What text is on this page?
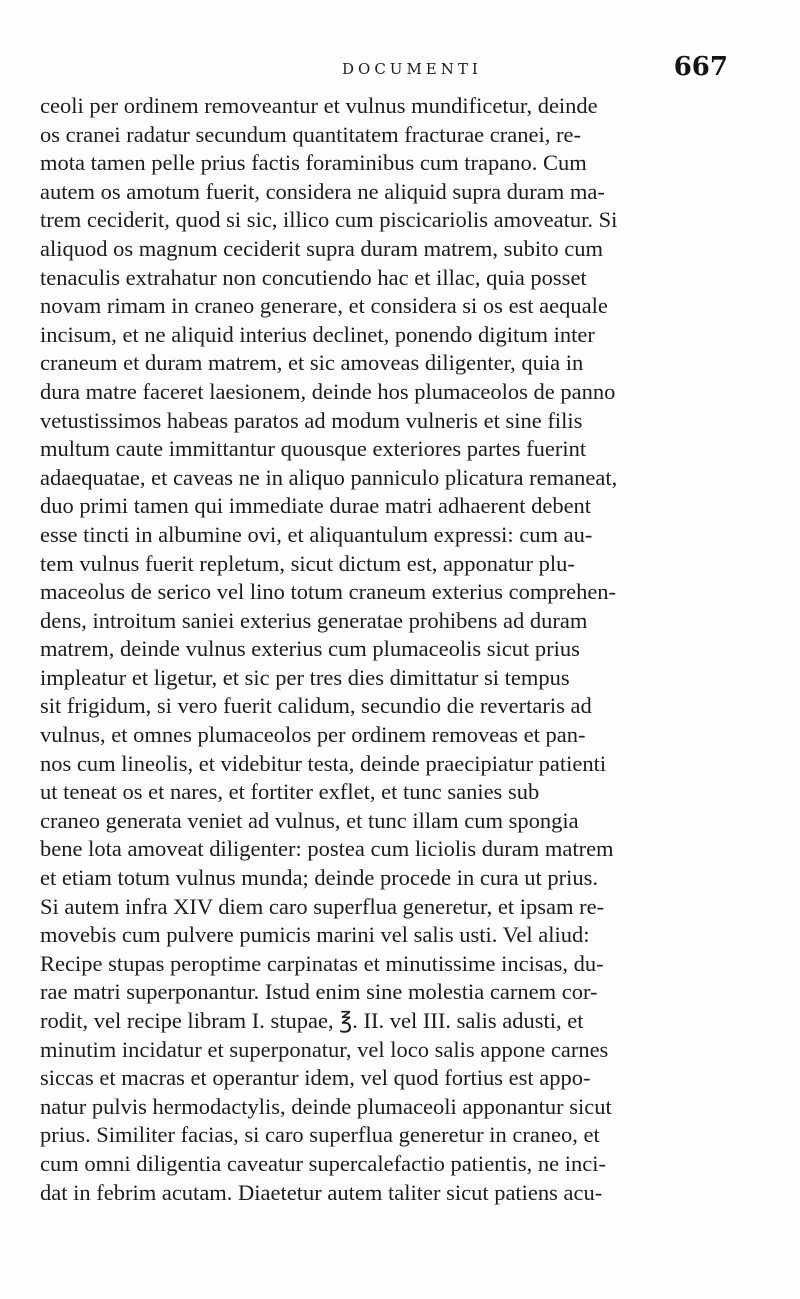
DOCUMENTI	667
ceoli per ordinem removeantur et vulnus mundificetur, deinde
os cranei radatur secundum quantitatem fracturae cranei, re-
mota tamen pelle prius factis foraminibus cum trapano. Cum
autem os amotum fuerit, considera ne aliquid supra duram ma-
trem ceciderit, quod si sic, illico cum piscicariolis amoveatur. Si
aliquod os magnum ceciderit supra duram matrem, subito cum
tenaculis extrahatur non concutiendo hac et illac, quia posset
novam rimam in craneo generare, et considera si os est aequale
incisum, et ne aliquid interius declinet, ponendo digitum inter
craneum et duram matrem, et sic amoveas diligenter, quia in
dura matre faceret laesionem, deinde hos plumaceolos de panno
vetustissimos habeas paratos ad modum vulneris et sine filis
multum caute immittantur quousque exteriores partes fuerint
adaequatae, et caveas ne in aliquo panniculo plicatura remaneat,
duo primi tamen qui immediate durae matri adhaerent debent
esse tincti in albumine ovi, et aliquantulum expressi: cum au-
tem vulnus fuerit repletum, sicut dictum est, apponatur plu-
maceolus de serico vel lino totum craneum exterius comprehen-
dens, introitum saniei exterius generatae prohibens ad duram
matrem, deinde vulnus exterius cum plumaceolis sicut prius
impleatur et ligetur, et sic per tres dies dimittatur si tempus
sit frigidum, si vero fuerit calidum, secundio die revertaris ad
vulnus, et omnes plumaceolos per ordinem removeas et pan-
nos cum lineolis, et videbitur testa, deinde praecipiatur patienti
ut teneat os et nares, et fortiter exflet, et tunc sanies sub
craneo generata veniet ad vulnus, et tunc illam cum spongia
bene lota amoveat diligenter: postea cum liciolis duram matrem
et etiam totum vulnus munda; deinde procede in cura ut prius.
Si autem infra XIV diem caro superflua generetur, et ipsam re-
movebis cum pulvere pumicis marini vel salis usti. Vel aliud:
Recipe stupas peroptime carpinatas et minutissime incisas, du-
rae matri superponantur. Istud enim sine molestia carnem cor-
rodit, vel recipe libram I. stupae, ℥. II. vel III. salis adusti, et
minutim incidatur et superponatur, vel loco salis appone carnes
siccas et macras et operantur idem, vel quod fortius est appo-
natur pulvis hermodactylis, deinde plumaceoli apponantur sicut
prius. Similiter facias, si caro superflua generetur in craneo, et
cum omni diligentia caveatur supercalefactio patientis, ne inci-
dat in febrim acutam. Diaetetur autem taliter sicut patiens acu-
